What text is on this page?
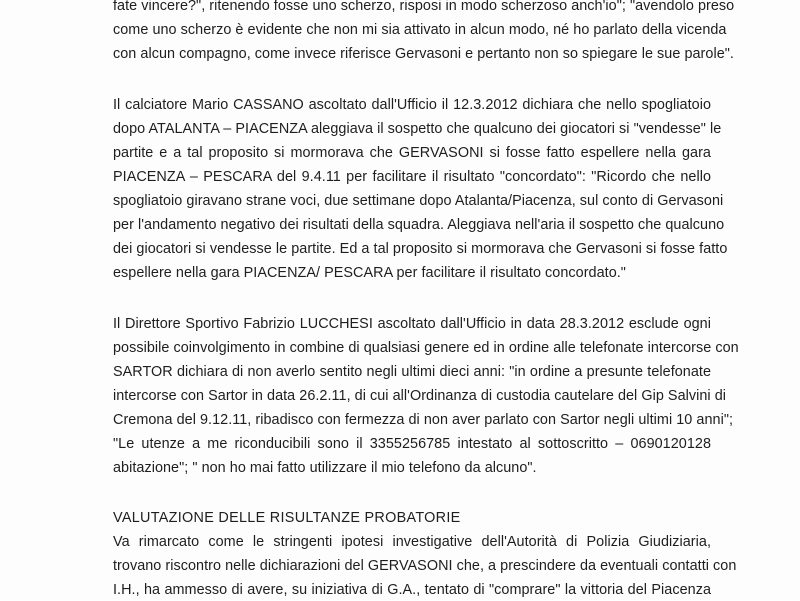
fate vincere?", ritenendo fosse uno scherzo, risposi in modo scherzoso anch'io"; "avendolo preso

come uno scherzo è evidente che non mi sia attivato in alcun modo, né ho parlato della vicenda

con alcun compagno, come invece riferisce Gervasoni e pertanto non so spiegare le sue parole".

Il calciatore Mario CASSANO ascoltato dall'Ufficio il 12.3.2012 dichiara che nello spogliatoio

dopo ATALANTA – PIACENZA aleggiava il sospetto che qualcuno dei giocatori si "vendesse" le

partite e a tal proposito si mormorava che GERVASONI si fosse fatto espellere nella gara

PIACENZA – PESCARA del 9.4.11 per facilitare il risultato "concordato": "Ricordo che nello

spogliatoio giravano strane voci, due settimane dopo Atalanta/Piacenza, sul conto di Gervasoni

per l'andamento negativo dei risultati della squadra. Aleggiava nell'aria il sospetto che qualcuno

dei giocatori si vendesse le partite. Ed a tal proposito si mormorava che Gervasoni si fosse fatto

espellere nella gara PIACENZA/ PESCARA per facilitare il risultato concordato."

Il Direttore Sportivo Fabrizio LUCCHESI ascoltato dall'Ufficio in data 28.3.2012 esclude ogni

possibile coinvolgimento in combine di qualsiasi genere ed in ordine alle telefonate intercorse con

SARTOR dichiara di non averlo sentito negli ultimi dieci anni: "in ordine a presunte telefonate

intercorse con Sartor in data 26.2.11, di cui all'Ordinanza di custodia cautelare del Gip Salvini di

Cremona del 9.12.11, ribadisco con fermezza di non aver parlato con Sartor negli ultimi 10 anni";

"Le utenze a me riconducibili sono il 3355256785 intestato al sottoscritto – 0690120128

abitazione"; " non ho mai fatto utilizzare il mio telefono da alcuno".

VALUTAZIONE DELLE RISULTANZE PROBATORIE

Va rimarcato come le stringenti ipotesi investigative dell'Autorità di Polizia Giudiziaria,

trovano riscontro nelle dichiarazioni del GERVASONI che, a prescindere da eventuali contatti con

I.H., ha ammesso di avere, su iniziativa di G.A., tentato di "comprare" la vittoria del Piacenza
